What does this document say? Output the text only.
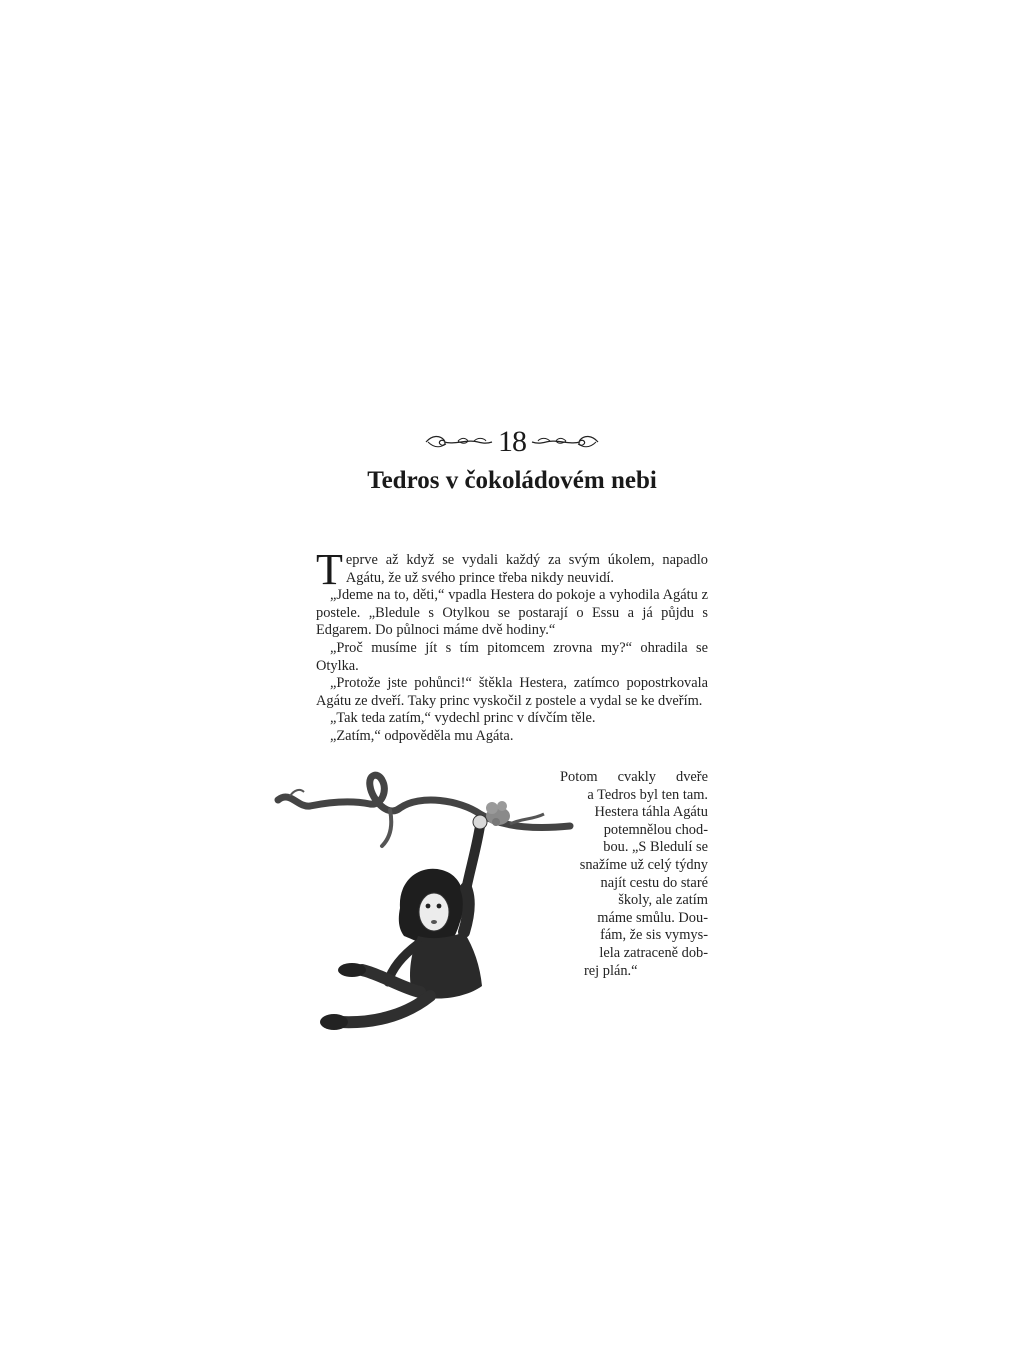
18
Tedros v čokoládovém nebi

Teprve až když se vydali každý za svým úkolem, napadlo Agátu, že už svého prince třeba nikdy neuvidí.

„Jdeme na to, děti,“ vpadla Hestera do pokoje a vyhodila Agátu z postele. „Bledule s Otylkou se postarají o Essu a já půjdu s Edgarem. Do půlnoci máme dvě hodiny.“

„Proč musíme jít s tím pitomcem zrovna my?“ ohradila se Otylka.

„Protože jste pohůnci!“ štěkla Hestera, zatímco popostrkovala Agátu ze dveří. Taky princ vyskočil z postele a vydal se ke dveřím.

„Tak teda zatím,“ vydechl princ v dívčím těle.

„Zatím,“ odpověděla mu Agáta.

Potom cvakly dveře
a Tedros byl ten tam.
Hestera táhla Agátu
potemnělou chod-
bou. „S Bledulí se
snažíme už celý týdny
najít cestu do staré
školy, ale zatím
máme smůlu. Dou-
fám, že sis vymys-
lela zatraceně dob-
rej plán.“
